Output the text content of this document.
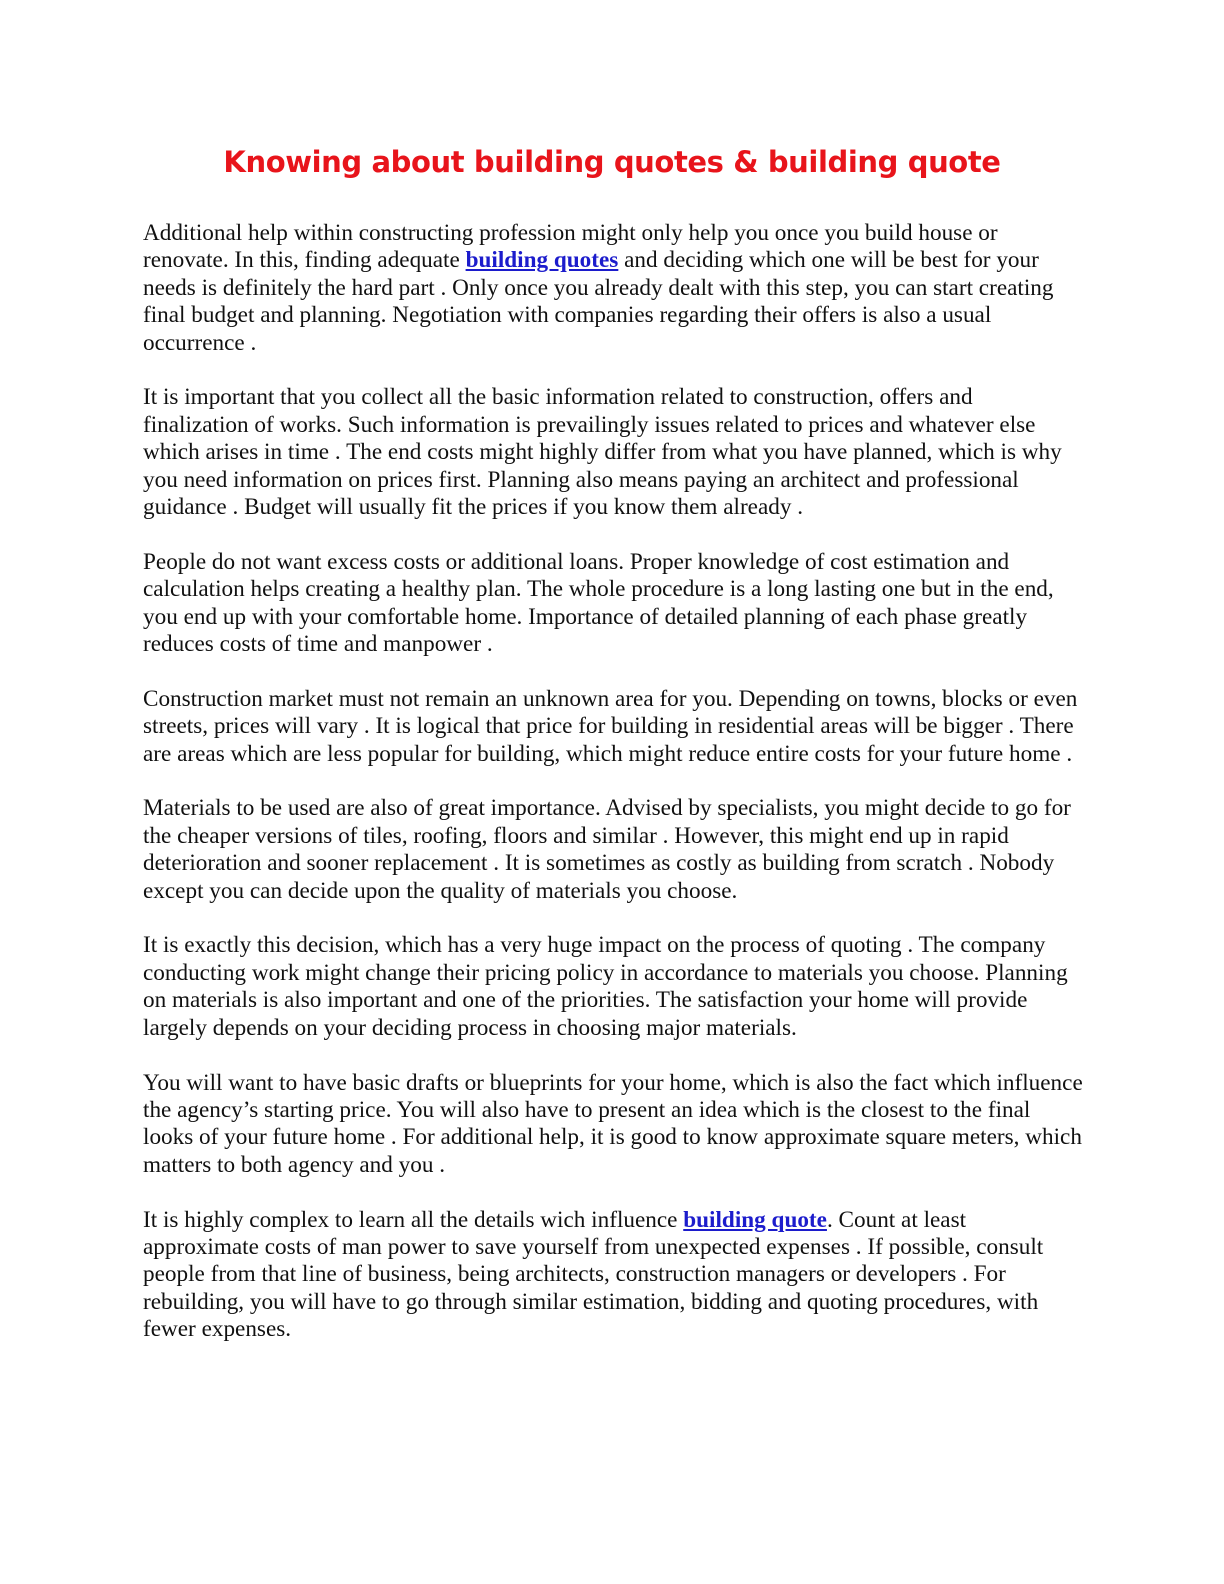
Knowing about building quotes & building quote

Additional help within constructing profession might only help you once you build house or renovate. In this, finding adequate building quotes and deciding which one will be best for your needs is definitely the hard part . Only once you already dealt with this step, you can start creating final budget and planning. Negotiation with companies regarding their offers is also a usual occurrence .

It is important that you collect all the basic information related to construction, offers and finalization of works. Such information is prevailingly issues related to prices and whatever else which arises in time . The end costs might highly differ from what you have planned, which is why you need information on prices first. Planning also means paying an architect and professional guidance . Budget will usually fit the prices if you know them already .

People do not want excess costs or additional loans. Proper knowledge of cost estimation and calculation helps creating a healthy plan. The whole procedure is a long lasting one but in the end, you end up with your comfortable home. Importance of detailed planning of each phase greatly reduces costs of time and manpower .

Construction market must not remain an unknown area for you. Depending on towns, blocks or even streets, prices will vary . It is logical that price for building in residential areas will be bigger . There are areas which are less popular for building, which might reduce entire costs for your future home .

Materials to be used are also of great importance. Advised by specialists, you might decide to go for the cheaper versions of tiles, roofing, floors and similar . However, this might end up in rapid deterioration and sooner replacement . It is sometimes as costly as building from scratch . Nobody except you can decide upon the quality of materials you choose.

It is exactly this decision, which has a very huge impact on the process of quoting . The company conducting work might change their pricing policy in accordance to materials you choose. Planning on materials is also important and one of the priorities. The satisfaction your home will provide largely depends on your deciding process in choosing major materials.

You will want to have basic drafts or blueprints for your home, which is also the fact which influence the agency’s starting price. You will also have to present an idea which is the closest to the final looks of your future home . For additional help, it is good to know approximate square meters, which matters to both agency and you .

It is highly complex to learn all the details wich influence building quote. Count at least approximate costs of man power to save yourself from unexpected expenses . If possible, consult people from that line of business, being architects, construction managers or developers . For rebuilding, you will have to go through similar estimation, bidding and quoting procedures, with fewer expenses.
